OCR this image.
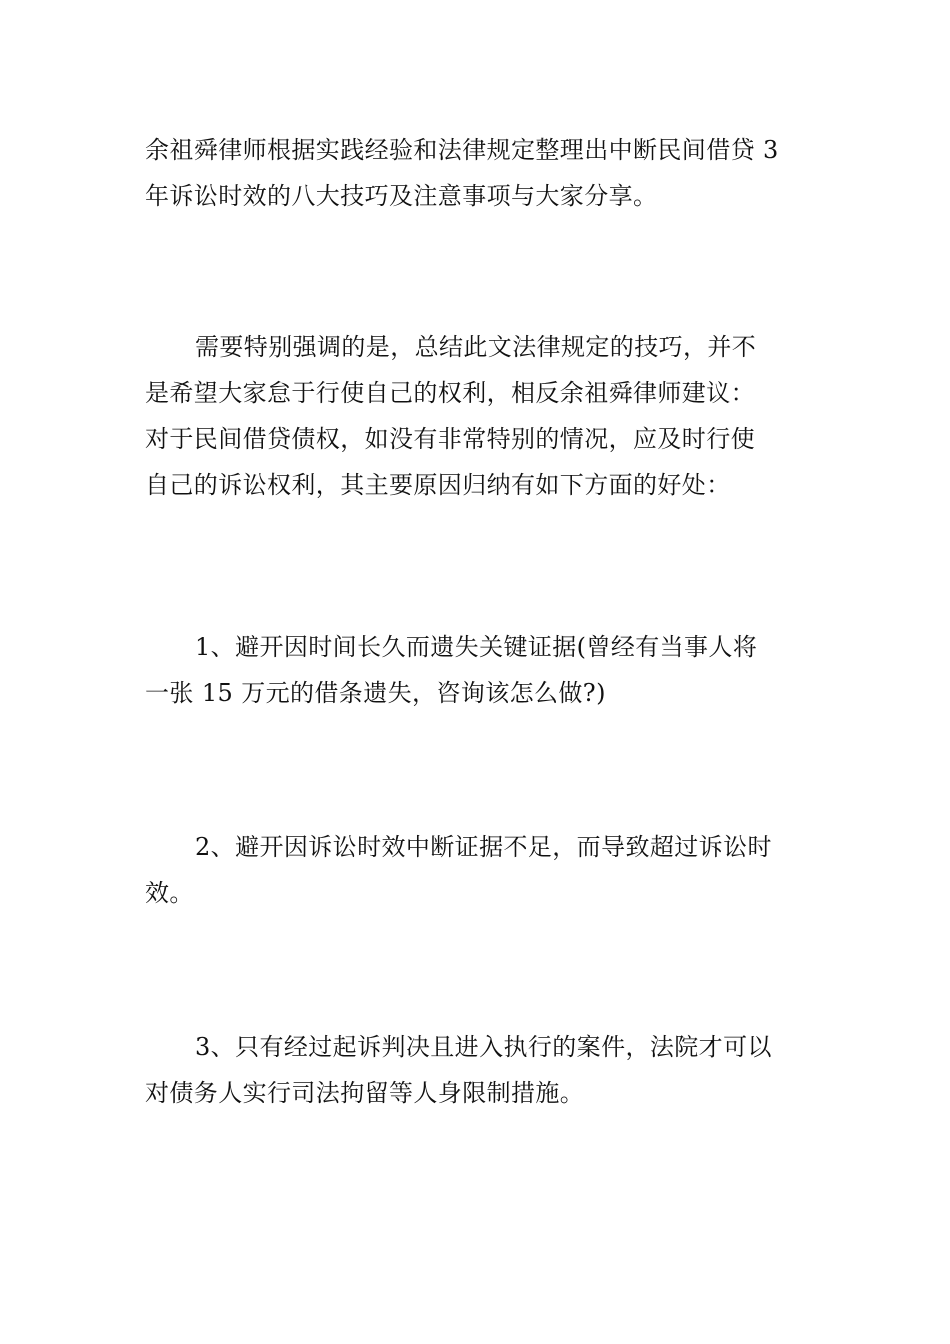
余祖舜律师根据实践经验和法律规定整理出中断民间借贷 3
年诉讼时效的八大技巧及注意事项与大家分享。

需要特别强调的是，总结此文法律规定的技巧，并不
是希望大家怠于行使自己的权利，相反余祖舜律师建议：
对于民间借贷债权，如没有非常特别的情况，应及时行使
自己的诉讼权利，其主要原因归纳有如下方面的好处：

1、避开因时间长久而遗失关键证据(曾经有当事人将
一张 15 万元的借条遗失，咨询该怎么做?)

2、避开因诉讼时效中断证据不足，而导致超过诉讼时
效。

3、只有经过起诉判决且进入执行的案件，法院才可以
对债务人实行司法拘留等人身限制措施。
